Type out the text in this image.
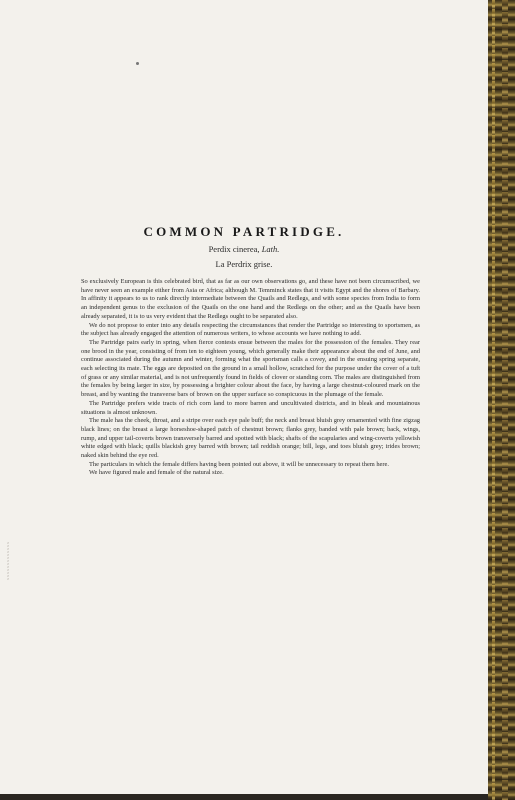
x x x x x x x x x x x x x
COMMON PARTRIDGE.
Perdix cinerea, Lath.
La Perdrix grise.

So exclusively European is this celebrated bird, that as far as our own observations go, and these have not been circumscribed, we have never seen an example either from Asia or Africa; although M. Temminck states that it visits Egypt and the shores of Barbary. In affinity it appears to us to rank directly intermediate between the Quails and Redlegs, and with some species from India to form an independent genus to the exclusion of the Quails on the one hand and the Redlegs on the other; and as the Quails have been already separated, it is to us very evident that the Redlegs ought to be separated also.

We do not propose to enter into any details respecting the circumstances that render the Partridge so interesting to sportsmen, as the subject has already engaged the attention of numerous writers, to whose accounts we have nothing to add.

The Partridge pairs early in spring, when fierce contests ensue between the males for the possession of the females. They rear one brood in the year, consisting of from ten to eighteen young, which generally make their appearance about the end of June, and continue associated during the autumn and winter, forming what the sportsman calls a covey, and in the ensuing spring separate, each selecting its mate. The eggs are deposited on the ground in a small hollow, scratched for the purpose under the cover of a tuft of grass or any similar material, and is not unfrequently found in fields of clover or standing corn. The males are distinguished from the females by being larger in size, by possessing a brighter colour about the face, by having a large chestnut-coloured mark on the breast, and by wanting the transverse bars of brown on the upper surface so conspicuous in the plumage of the female.

The Partridge prefers wide tracts of rich corn land to more barren and uncultivated districts, and in bleak and mountainous situations is almost unknown.

The male has the cheek, throat, and a stripe over each eye pale buff; the neck and breast bluish grey ornamented with fine zigzag black lines; on the breast a large horseshoe-shaped patch of chestnut brown; flanks grey, banded with pale brown; back, wings, rump, and upper tail-coverts brown transversely barred and spotted with black; shafts of the scapularies and wing-coverts yellowish white edged with black; quills blackish grey barred with brown; tail reddish orange; bill, legs, and toes bluish grey; irides brown; naked skin behind the eye red.

The particulars in which the female differs having been pointed out above, it will be unnecessary to repeat them here.

We have figured male and female of the natural size.
